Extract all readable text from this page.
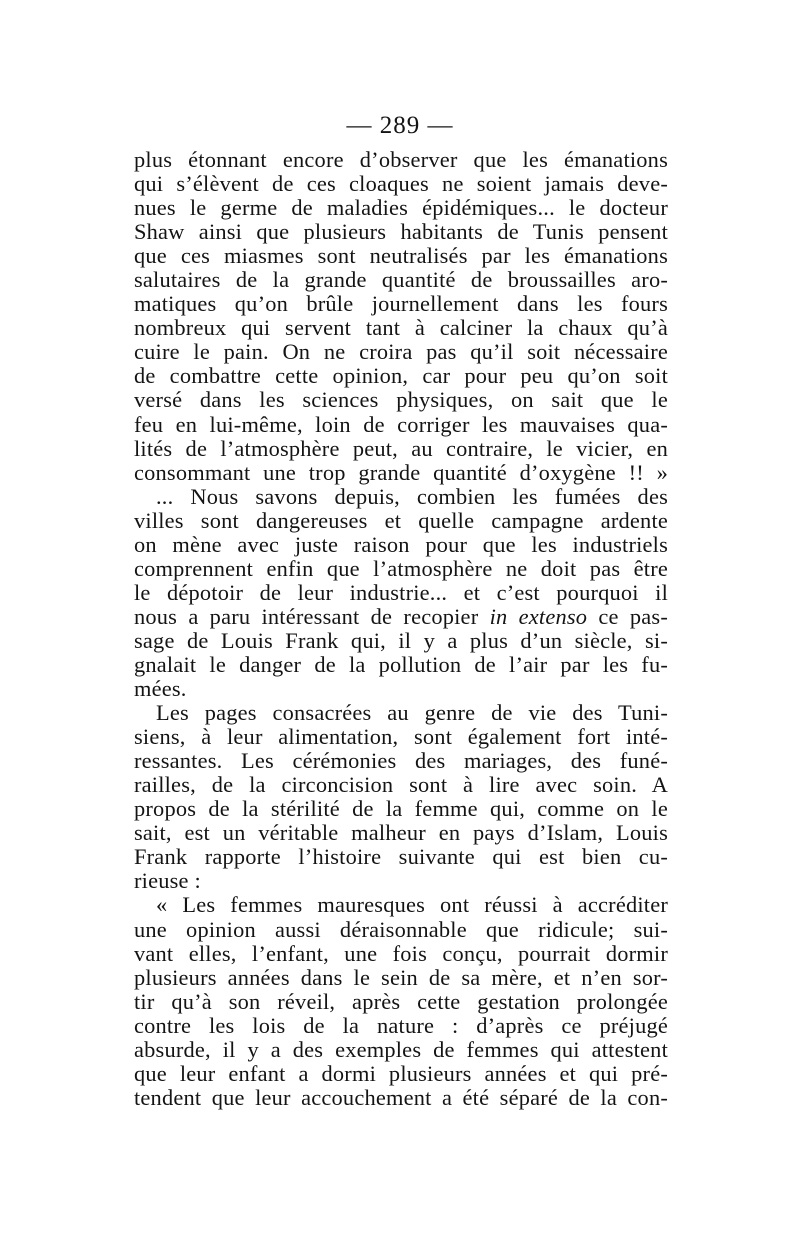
— 289 —
plus étonnant encore d’observer que les émanations
qui s’élèvent de ces cloaques ne soient jamais deve-
nues le germe de maladies épidémiques... le docteur
Shaw ainsi que plusieurs habitants de Tunis pensent
que ces miasmes sont neutralisés par les émanations
salutaires de la grande quantité de broussailles aro-
matiques qu’on brûle journellement dans les fours
nombreux qui servent tant à calciner la chaux qu’à
cuire le pain. On ne croira pas qu’il soit nécessaire
de combattre cette opinion, car pour peu qu’on soit
versé dans les sciences physiques, on sait que le
feu en lui-même, loin de corriger les mauvaises qua-
lités de l’atmosphère peut, au contraire, le vicier, en
consommant une trop grande quantité d’oxygène !! »
... Nous savons depuis, combien les fumées des
villes sont dangereuses et quelle campagne ardente
on mène avec juste raison pour que les industriels
comprennent enfin que l’atmosphère ne doit pas être
le dépotoir de leur industrie... et c’est pourquoi il
nous a paru intéressant de recopier in extenso ce pas-
sage de Louis Frank qui, il y a plus d’un siècle, si-
gnalait le danger de la pollution de l’air par les fu-
mées.
Les pages consacrées au genre de vie des Tuni-
siens, à leur alimentation, sont également fort inté-
ressantes. Les cérémonies des mariages, des funé-
railles, de la circoncision sont à lire avec soin. A
propos de la stérilité de la femme qui, comme on le
sait, est un véritable malheur en pays d’Islam, Louis
Frank rapporte l’histoire suivante qui est bien cu-
rieuse :
« Les femmes mauresques ont réussi à accréditer
une opinion aussi déraisonnable que ridicule; sui-
vant elles, l’enfant, une fois conçu, pourrait dormir
plusieurs années dans le sein de sa mère, et n’en sor-
tir qu’à son réveil, après cette gestation prolongée
contre les lois de la nature : d’après ce préjugé
absurde, il y a des exemples de femmes qui attestent
que leur enfant a dormi plusieurs années et qui pré-
tendent que leur accouchement a été séparé de la con-
